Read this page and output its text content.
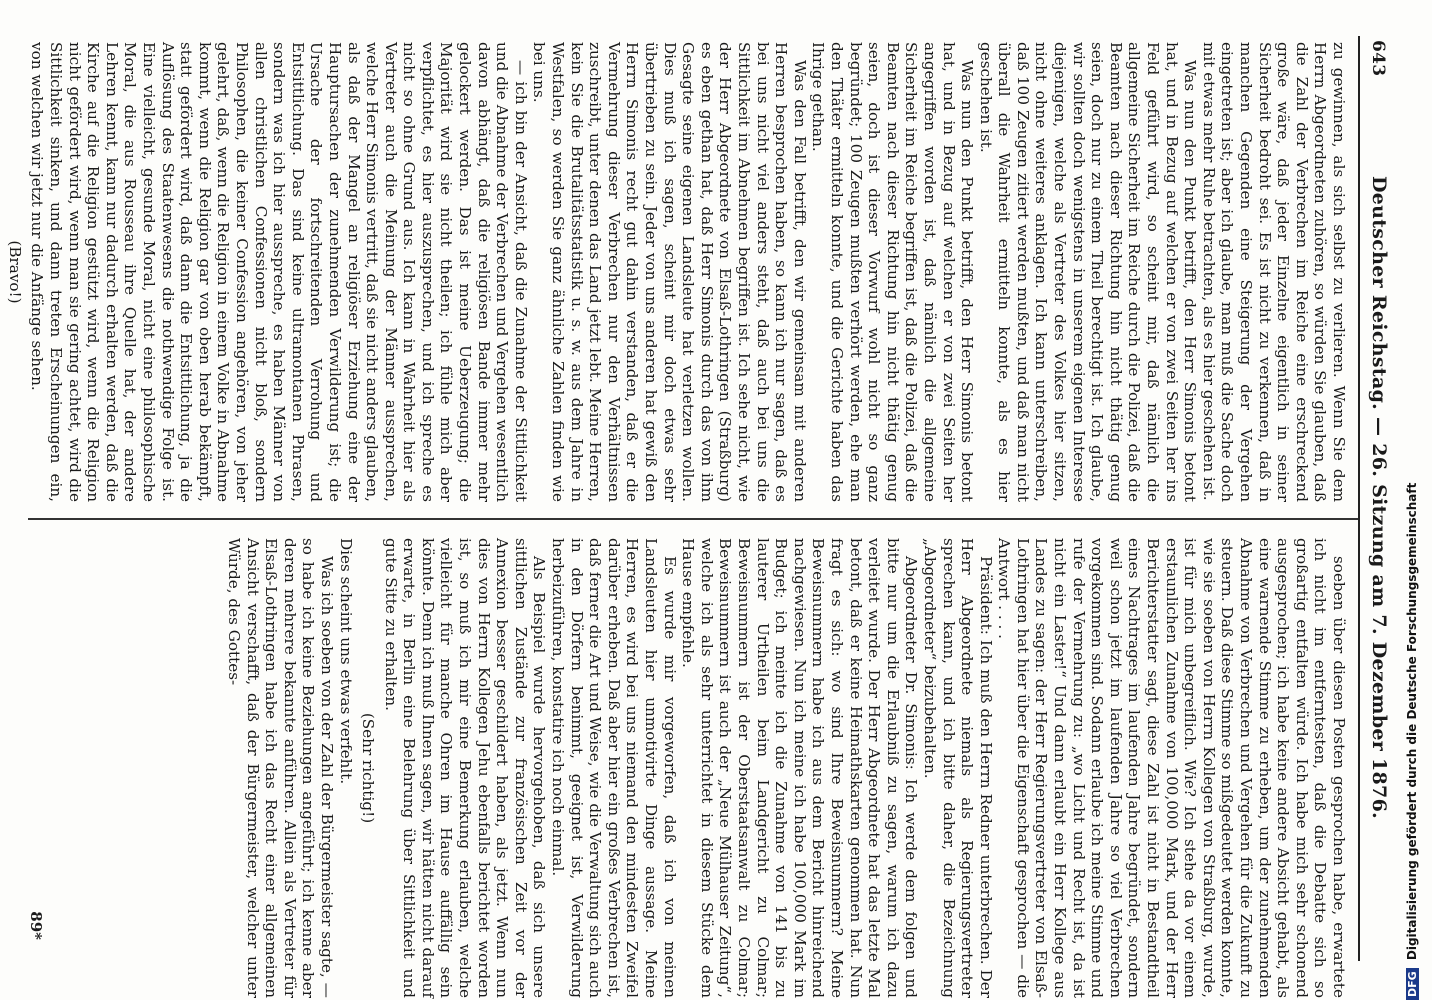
643
Deutscher Reichstag. — 26. Sitzung am 7. Dezember 1876.

zu gewinnen, als sich selbst zu verlieren. Wenn Sie dem Herrn Abgeordneten zuhören, so würden Sie glauben, daß die Zahl der Verbrechen im Reiche eine erschreckend große wäre, daß jeder Einzelne eigentlich in seiner Sicherheit bedroht sei. Es ist nicht zu verkennen, daß in manchen Gegenden eine Steigerung der Vergehen eingetreten ist; aber ich glaube, man muß die Sache doch mit etwas mehr Ruhe betrachten, als es hier geschehen ist.

Was nun den Punkt betrifft, den Herr Simonis betont hat, und in Bezug auf welchen er von zwei Seiten her ins Feld geführt wird, so scheint mir, daß nämlich die allgemeine Sicherheit im Reiche durch die Polizei, daß die Beamten nach dieser Richtung hin nicht thätig genug seien, doch nur zu einem Theil berechtigt ist. Ich glaube, wir sollten doch wenigstens in unserem eigenen Interesse diejenigen, welche als Vertreter des Volkes hier sitzen, nicht ohne weiteres anklagen. Ich kann unterschreiben, daß 100 Zeugen zitiert werden mußten, und daß man nicht überall die Wahrheit ermitteln konnte, als es hier geschehen ist.

Was nun den Punkt betrifft, den Herr Simonis betont hat, und in Bezug auf welchen er von zwei Seiten her angegriffen worden ist, daß nämlich die allgemeine Sicherheit im Reiche begriffen ist, daß die Polizei, daß die Beamten nach dieser Richtung hin nicht thätig genug seien, doch ist dieser Vorwurf wohl nicht so ganz begründet; 100 Zeugen mußten verhört werden, ehe man den Thäter ermitteln konnte, und die Gerichte haben das Ihrige gethan.

Was den Fall betrifft, den wir gemeinsam mit anderen Herren besprochen haben, so kann ich nur sagen, daß es bei uns nicht viel anders steht, daß auch bei uns die Sittlichkeit im Abnehmen begriffen ist. Ich sehe nicht, wie der Herr Abgeordnete von Elsaß-Lothringen (Straßburg) es eben gethan hat, daß Herr Simonis durch das von ihm Gesagte seine eigenen Landsleute hat verletzen wollen. Dies muß ich sagen, scheint mir doch etwas sehr übertrieben zu sein. Jeder von uns anderen hat gewiß den Herrn Simonis recht gut dahin verstanden, daß er die Vermehrung dieser Verbrechen nur den Verhältnissen zuschreibt, unter denen das Land jetzt lebt. Meine Herren, kein Sie die Brutalitätsstatistik u. s. w. aus dem Jahre in Westfalen, so werden Sie ganz ähnliche Zahlen finden wie bei uns.

— ich bin der Ansicht, daß die Zunahme der Sittlichkeit und die Abnahme der Verbrechen und Vergehen wesentlich davon abhängt, daß die religiösen Bande immer mehr gelockert werden. Das ist meine Ueberzeugung; die Majorität wird sie nicht theilen; ich fühle mich aber verpflichtet, es hier auszusprechen, und ich spreche es nicht so ohne Grund aus. Ich kann in Wahrheit hier als Vertreter auch die Meinung der Männer aussprechen, welche Herr Simonis vertritt, daß sie nicht anders glauben, als daß der Mangel an religiöser Erziehung eine der Hauptursachen der zunehmenden Verwilderung ist; die Ursache der fortschreitenden Verrohung und Entsittlichung. Das sind keine ultramontanen Phrasen, sondern was ich hier ausspreche, es haben Männer von allen christlichen Confessionen nicht bloß, sondern Philosophen, die keiner Confession angehören, von jeher gelehrt, daß, wenn die Religion in einem Volke in Abnahme kommt, wenn die Religion gar von oben herab bekämpft, statt gefördert wird, daß dann die Entsittlichung, ja die Auflösung des Staatenwesens die nothwendige Folge ist. Eine vielleicht, gesunde Moral, nicht eine philosophische Moral, die aus Rousseau ihre Quelle hat, der andere Lehren kennt, kann nur dadurch erhalten werden, daß die Kirche auf die Religion gestützt wird, wenn die Religion nicht gefördert wird, wenn man sie gering achtet, wird die Sittlichkeit sinken, und dann treten Erscheinungen ein, von welchen wir jetzt nur die Anfänge sehen.

(Bravo!)

soeben über diesen Posten gesprochen habe, erwartete ich nicht im entferntesten, daß die Debatte sich so großartig entfalten würde. Ich habe mich sehr schonend ausgesprochen; ich habe keine andere Absicht gehabt, als eine warnende Stimme zu erheben, um der zunehmenden Abnahme von Verbrechen und Vergehen für die Zukunft zu steuern. Daß diese Stimme so mißgedeutet werden konnte, wie sie soeben von Herrn Kollegen von Straßburg, wurde, ist für mich unbegreiflich. Wie? Ich stehe da vor einem erstaunlichen Zunahme von 100,000 Mark, und der Herr Berichterstatter sagt, diese Zahl ist nicht in Bestandtheil eines Nachtrages im laufenden Jahre begründet, sondern weil schon jetzt im laufenden Jahre so viel Verbrechen vorgekommen sind. Sodann erlaube ich meine Stimme und rufe der Vermehrung zu: „wo Licht und Recht ist, da ist nicht ein Laster!“ Und dann erlaubt ein Herr Kollege aus Landes zu sagen: der Herr Regierungsvertreter von Elsaß-Lothringen hat hier über die Eigenschaft gesprochen — die Antwort . . . .

Präsident: Ich muß den Herrn Redner unterbrechen. Der Herr Abgeordnete niemals als Regierungsvertreter sprechen kann, und ich bitte daher, die Bezeichnung „Abgeordneter“ beizubehalten.

Abgeordneter Dr. Simonis: Ich werde dem folgen und bitte nur um die Erlaubniß zu sagen, warum ich dazu verleitet wurde. Der Herr Abgeordnete hat das letzte Mal betont, daß er keine Heimathskarten genommen hat. Nun fragt es sich: wo sind Ihre Beweisnummern? Meine Beweisnummern habe ich aus dem Bericht hinreichend nachgewiesen. Nun ich meine ich habe 100,000 Mark im Budget; ich meinte ich die Zunahme von 141 bis zu lauterer Urtheilen beim Landgericht zu Colmar; Beweisnummern ist der Oberstaatsanwalt zu Colmar; Beweisnummern ist auch der „Neue Mülhauser Zeitung“, welche ich als sehr unterrichtet in diesem Stücke dem Hause empfehle.

Es wurde mir vorgeworfen, daß ich von meinen Landsleuten hier unmotivirte Dinge aussage. Meine Herren, es wird bei uns niemand den mindesten Zweifel darüber erheben. Daß aber hier ein großes Verbrechen ist, daß ferner die Art und Weise, wie die Verwaltung sich auch in den Dörfern benimmt, geeignet ist, Verwilderung herbeizuführen, konstatire ich noch einmal.

Als Beispiel wurde hervorgehoben, daß sich unsere sittlichen Zustände zur französischen Zeit vor der Annexion besser geschildert haben, als jetzt. Wenn nun dies von Herrn Kollegen Jehu ebenfalls berichtet worden ist, so muß ich mir eine Bemerkung erlauben, welche vielleicht für manche Ohren im Hause auffällig sein könnte. Denn ich muß Ihnen sagen, wir hätten nicht darauf erwarte, in Berlin eine Belehrung über Sittlichkeit und gute Sitte zu erhalten.

(Sehr richtig!)

Dies scheint uns etwas verfehlt.

Was ich soeben von der Zahl der Bürgermeister sagte, — so habe ich keine Beziehungen angeführt; ich kenne aber deren mehrere bekannte anführen. Allein als Vertreter für Elsaß-Lothringen habe ich das Recht einer allgemeinen Ansicht verschafft, daß der Bürgermeister, welcher unter Würde, des Gottes-

89*
DFG Digitalisierung gefördert durch die Deutsche Forschungsgemeinschaft
